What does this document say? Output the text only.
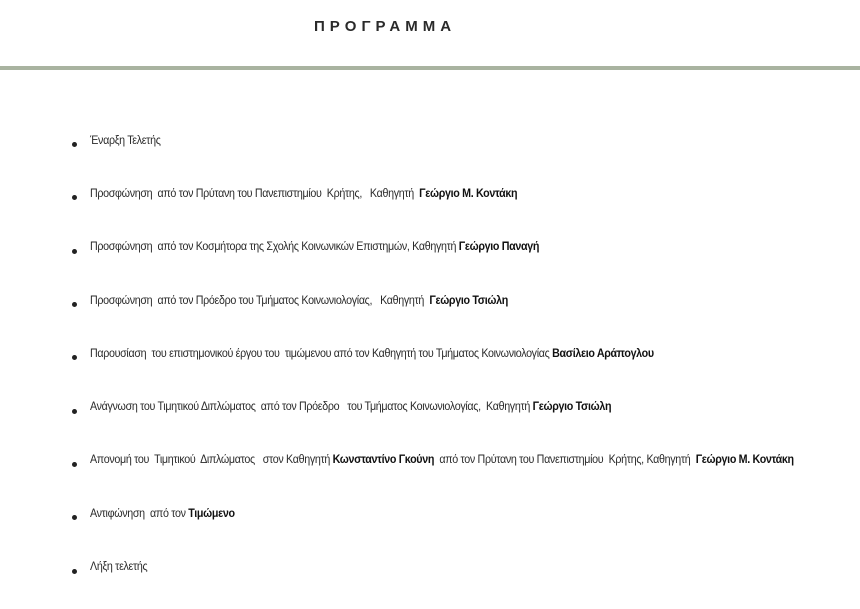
ΠΡΟΓΡΑΜΜΑ
Έναρξη Τελετής
Προσφώνηση  από τον Πρύτανη του Πανεπιστημίου  Κρήτης,   Καθηγητή  Γεώργιο Μ. Κοντάκη
Προσφώνηση  από τον Κοσμήτορα της Σχολής Κοινωνικών Επιστημών, Καθηγητή Γεώργιο Παναγή
Προσφώνηση  από τον Πρόεδρο του Τμήματος Κοινωνιολογίας,   Καθηγητή  Γεώργιο Τσιώλη
Παρουσίαση  του επιστημονικού έργου του  τιμώμενου από τον Καθηγητή του Τμήματος Κοινωνιολογίας Βασίλειο Αράπογλου
Ανάγνωση του Τιμητικού Διπλώματος  από τον Πρόεδρο   του Τμήματος Κοινωνιολογίας,  Καθηγητή Γεώργιο Τσιώλη
Απονομή του  Τιμητικού  Διπλώματος   στον Καθηγητή Κωνσταντίνο Γκούνη  από τον Πρύτανη του Πανεπιστημίου  Κρήτης, Καθηγητή  Γεώργιο Μ. Κοντάκη
Αντιφώνηση  από τον Τιμώμενο
Λήξη τελετής
